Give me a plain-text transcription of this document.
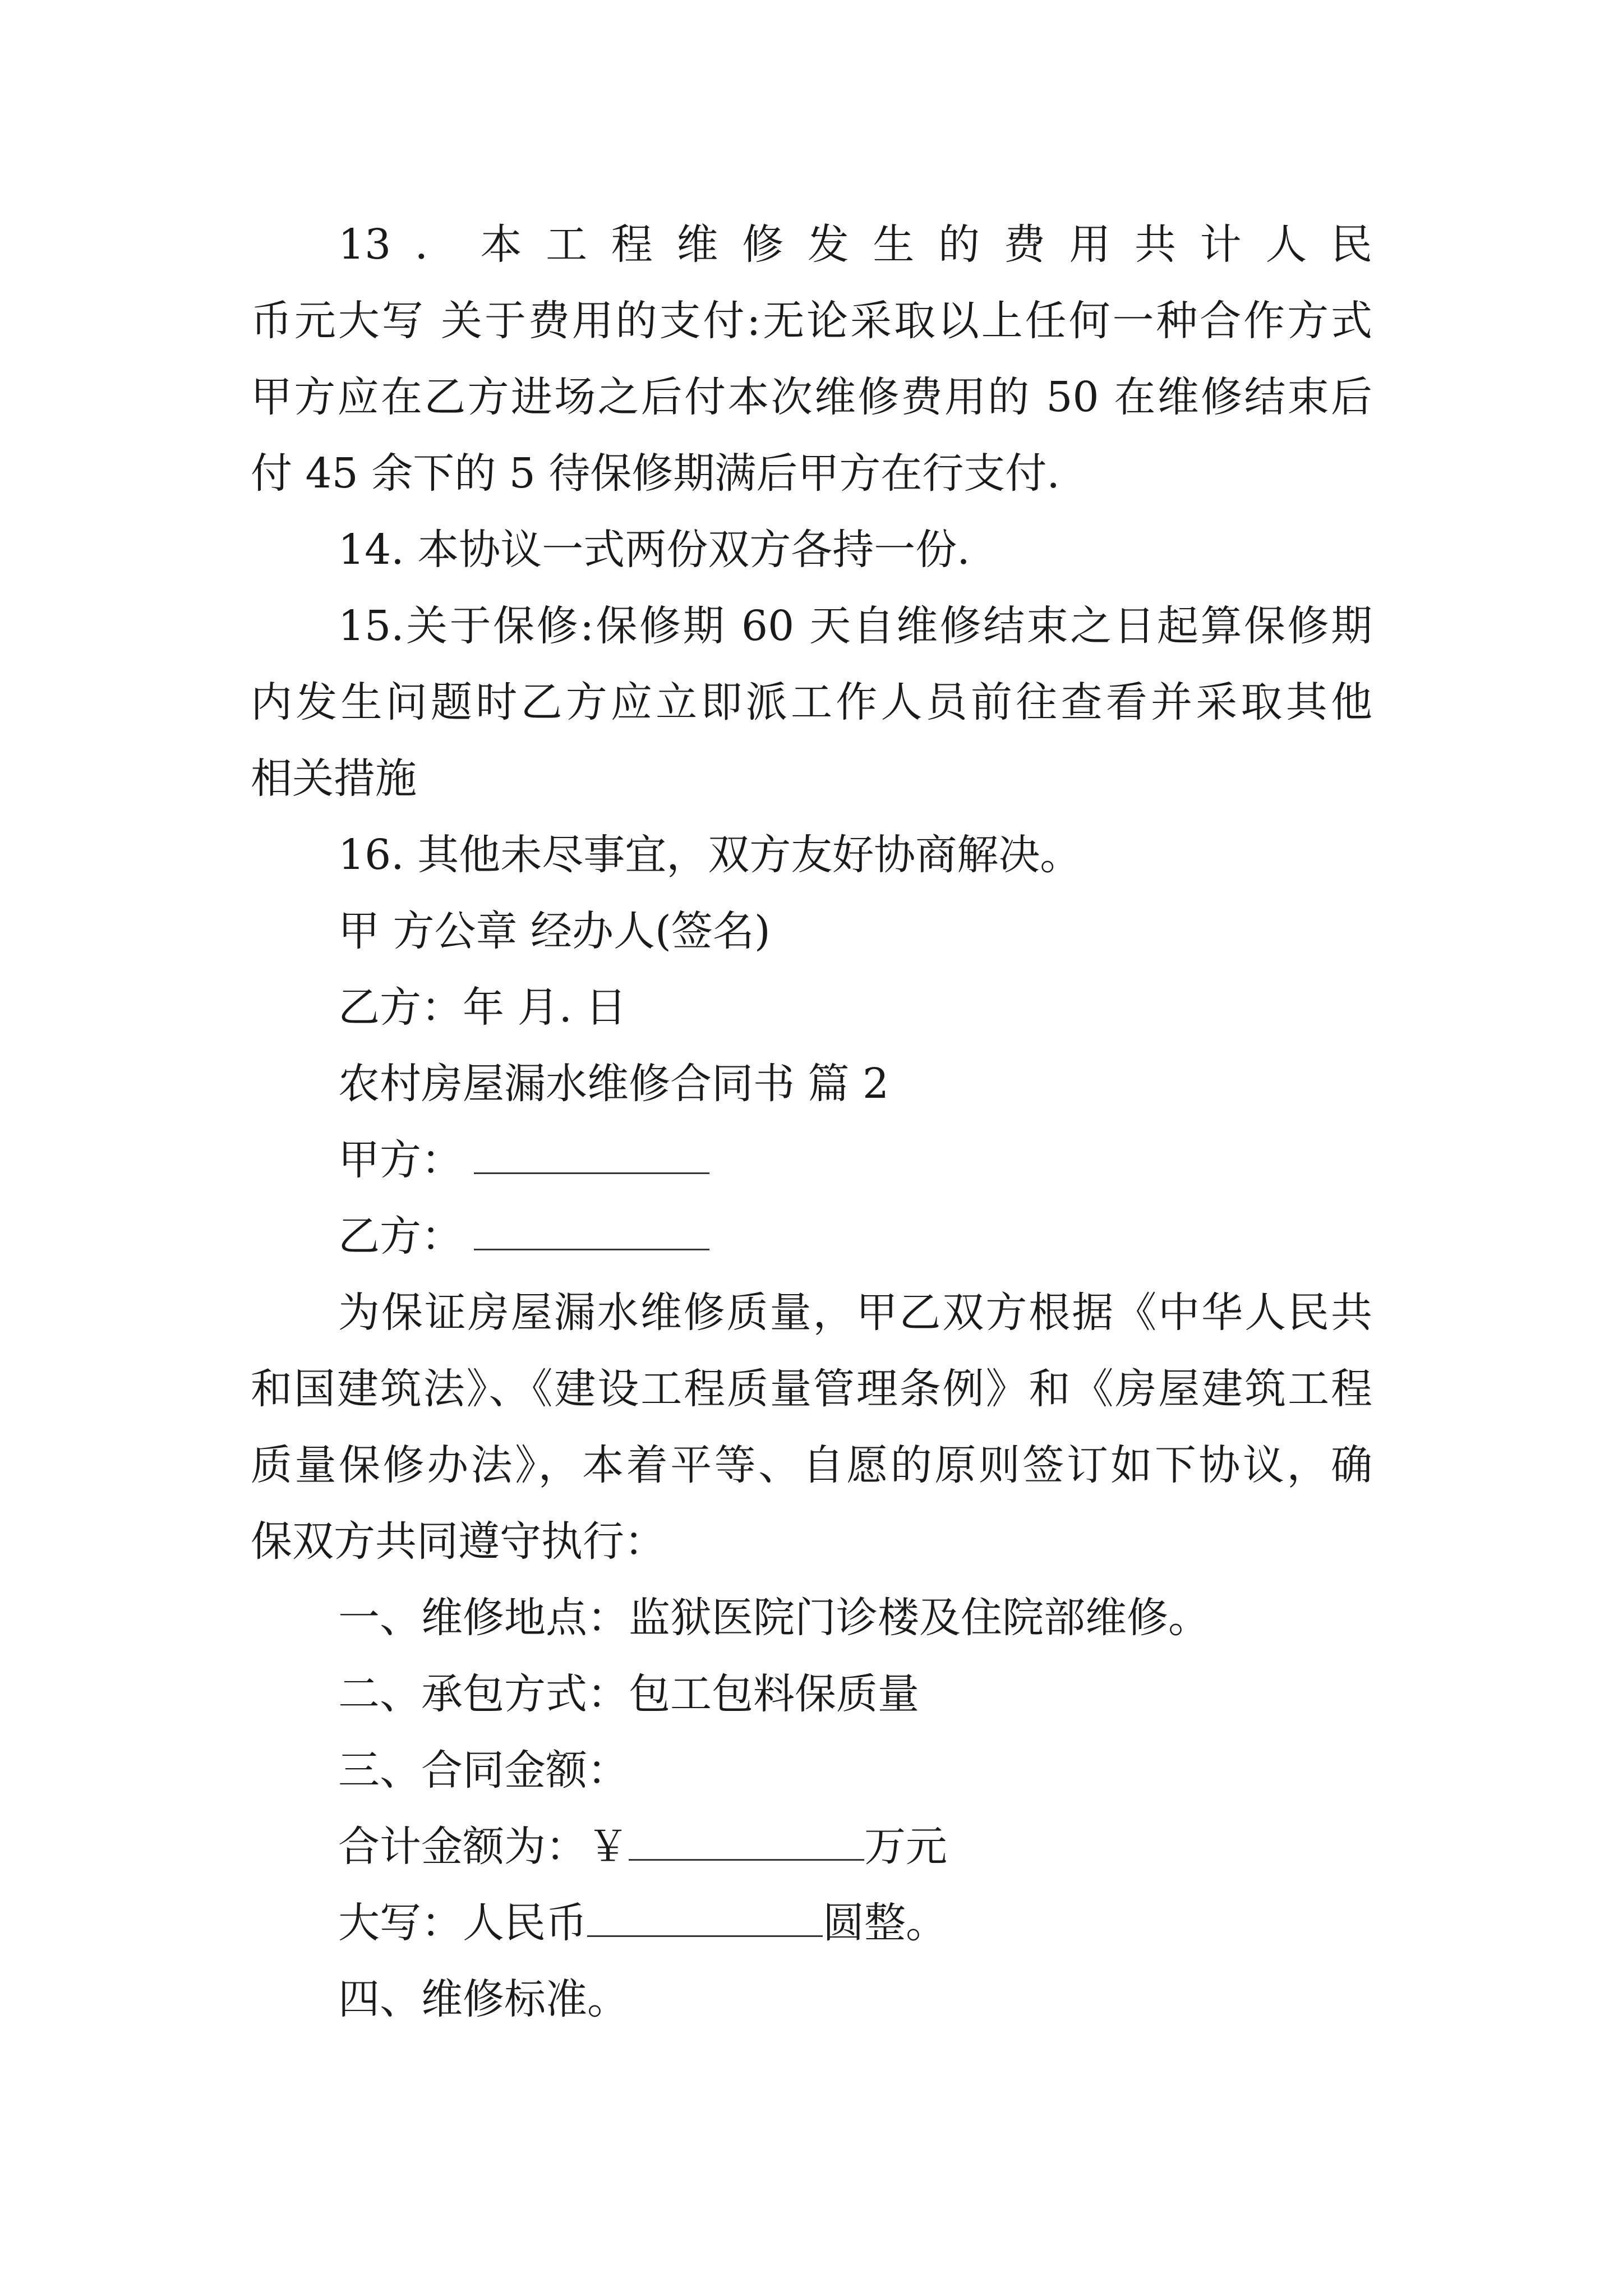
13．本工程维修发生的费用共计人民
币元大写 关于费用的支付:无论采取以上任何一种合作方式
甲方应在乙方进场之后付本次维修费用的 50 在维修结束后
付 45 余下的 5 待保修期满后甲方在行支付.
14. 本协议一式两份双方各持一份.
15.关于保修:保修期 60 天自维修结束之日起算保修期
内发生问题时乙方应立即派工作人员前往查看并采取其他
相关措施
16. 其他未尽事宜，双方友好协商解决。
甲 方公章 经办人(签名)
乙方：年 月. 日
农村房屋漏水维修合同书 篇 2
甲方：
乙方：
为保证房屋漏水维修质量，甲乙双方根据《中华人民共
和国建筑法》、《建设工程质量管理条例》和《房屋建筑工程
质量保修办法》，本着平等、自愿的原则签订如下协议，确
保双方共同遵守执行：
一、维修地点：监狱医院门诊楼及住院部维修。
二、承包方式：包工包料保质量
三、合同金额：
合计金额为：￥	万元
大写：人民币	圆整。
四、维修标准。
